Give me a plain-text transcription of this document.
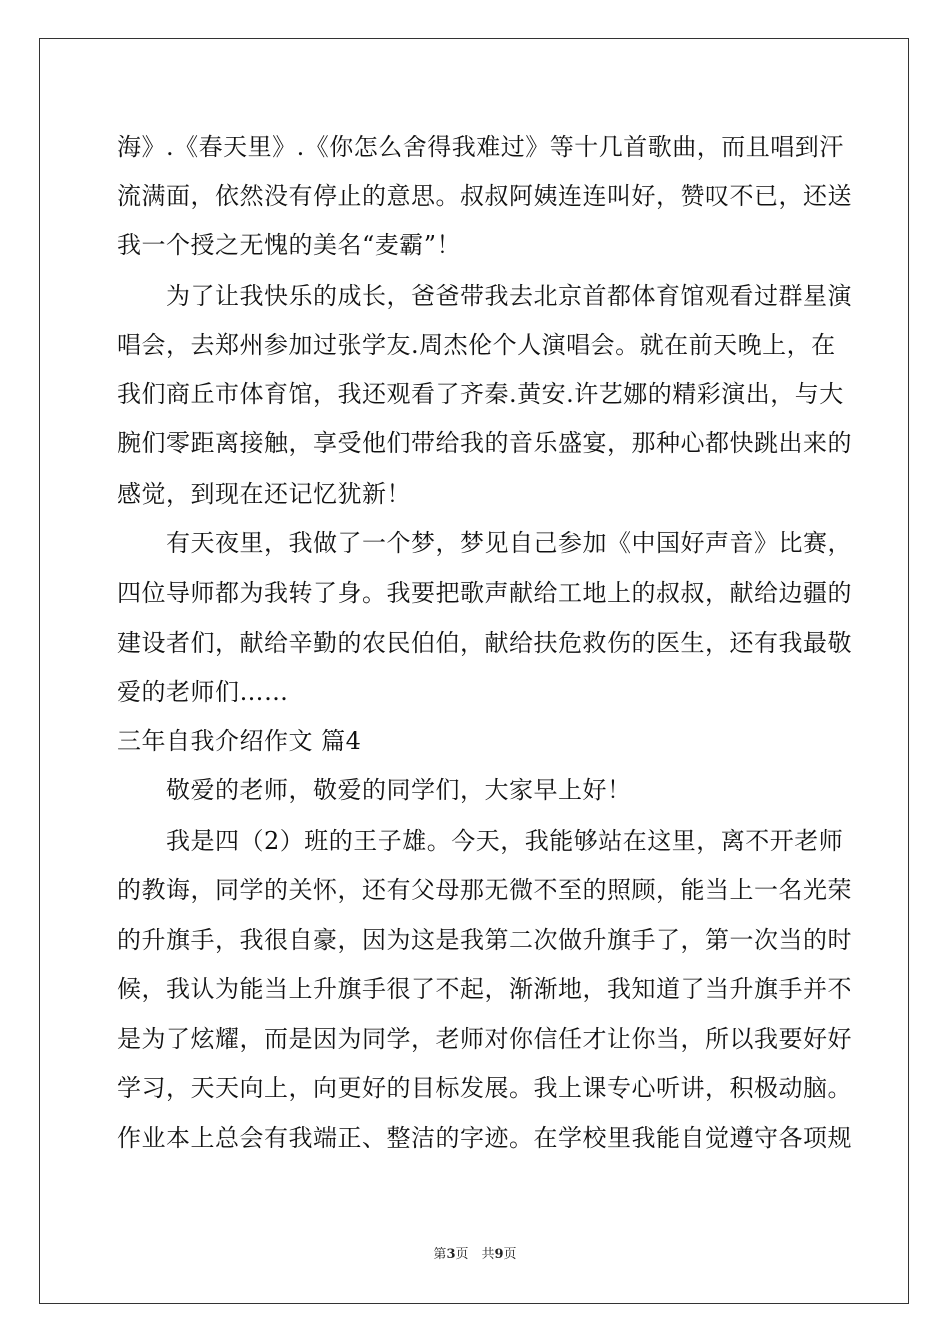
海》.《春天里》.《你怎么舍得我难过》等十几首歌曲，而且唱到汗
流满面，依然没有停止的意思。叔叔阿姨连连叫好，赞叹不已，还送
我一个授之无愧的美名“麦霸”！
　　为了让我快乐的成长，爸爸带我去北京首都体育馆观看过群星演
唱会，去郑州参加过张学友.周杰伦个人演唱会。就在前天晚上，在
我们商丘市体育馆，我还观看了齐秦.黄安.许艺娜的精彩演出，与大
腕们零距离接触，享受他们带给我的音乐盛宴，那种心都快跳出来的
感觉，到现在还记忆犹新！
　　有天夜里，我做了一个梦，梦见自己参加《中国好声音》比赛，
四位导师都为我转了身。我要把歌声献给工地上的叔叔，献给边疆的
建设者们，献给辛勤的农民伯伯，献给扶危救伤的医生，还有我最敬
爱的老师们……
三年自我介绍作文 篇4
　　敬爱的老师，敬爱的同学们，大家早上好！
　　我是四（2）班的王子雄。今天，我能够站在这里，离不开老师
的教诲，同学的关怀，还有父母那无微不至的照顾，能当上一名光荣
的升旗手，我很自豪，因为这是我第二次做升旗手了，第一次当的时
候，我认为能当上升旗手很了不起，渐渐地，我知道了当升旗手并不
是为了炫耀，而是因为同学，老师对你信任才让你当，所以我要好好
学习，天天向上，向更好的目标发展。我上课专心听讲，积极动脑。
作业本上总会有我端正、整洁的字迹。在学校里我能自觉遵守各项规
第3页　共9页
